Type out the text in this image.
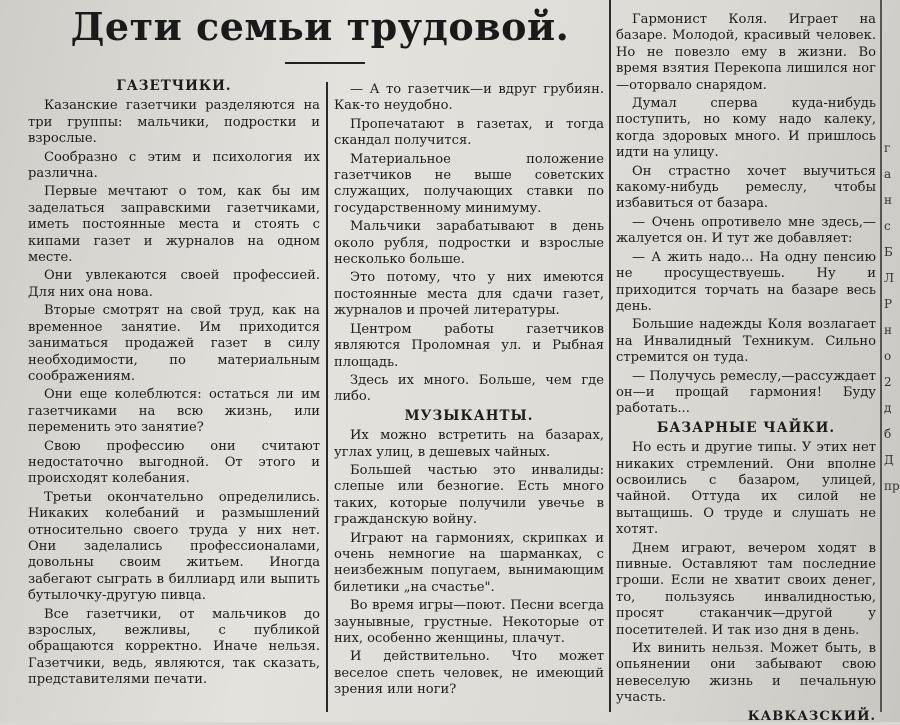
Дети семьи трудовой.
ГАЗЕТЧИКИ.

Казанские газетчики разделяются на три группы: мальчики, подростки и взрослые.

Сообразно с этим и психология их различна.

Первые мечтают о том, как бы им заделаться заправскими газетчиками, иметь постоянные места и стоять с кипами газет и журналов на одном месте.

Они увлекаются своей профессией. Для них она нова.

Вторые смотрят на свой труд, как на временное занятие. Им приходится заниматься продажей газет в силу необходимости, по материальным соображениям.

Они еще колеблются: остаться ли им газетчиками на всю жизнь, или переменить это занятие?

Свою профессию они считают недостаточно выгодной. От этого и происходят колебания.

Третьи окончательно определились. Никаких колебаний и размышлений относительно своего труда у них нет. Они заделались профессионалами, довольны своим житьем. Иногда забегают сыграть в биллиард или выпить бутылочку-другую пивца.

Все газетчики, от мальчиков до взрослых, вежливы, с публикой обращаются корректно. Иначе нельзя. Газетчики, ведь, являются, так сказать, представителями печати.

— А то газетчик—и вдруг грубиян. Как-то неудобно.

Пропечатают в газетах, и тогда скандал получится.

Материальное положение газетчиков не выше советских служащих, получающих ставки по государственному минимуму.

Мальчики зарабатывают в день около рубля, подростки и взрослые несколько больше.

Это потому, что у них имеются постоянные места для сдачи газет, журналов и прочей литературы.

Центром работы газетчиков являются Проломная ул. и Рыбная площадь.

Здесь их много. Больше, чем где либо.

МУЗЫКАНТЫ.

Их можно встретить на базарах, углах улиц, в дешевых чайных.

Большей частью это инвалиды: слепые или безногие. Есть много таких, которые получили увечье в гражданскую войну.

Играют на гармониях, скрипках и очень немногие на шарманках, с неизбежным попугаем, вынимающим билетики „на счастье".

Во время игры—поют. Песни всегда заунывные, грустные. Некоторые от них, особенно женщины, плачут.

И действительно. Что может веселое спеть человек, не имеющий зрения или ноги?

Гармонист Коля. Играет на базаре. Молодой, красивый человек. Но не повезло ему в жизни. Во время взятия Перекопа лишился ног—оторвало снарядом.

Думал сперва куда-нибудь поступить, но кому надо калеку, когда здоровых много. И пришлось идти на улицу.

Он страстно хочет выучиться какому-нибудь ремеслу, чтобы избавиться от базара.

— Очень опротивело мне здесь,— жалуется он. И тут же добавляет:

— А жить надо... На одну пенсию не просуществуешь. Ну и приходится торчать на базаре весь день.

Большие надежды Коля возлагает на Инвалидный Техникум. Сильно стремится он туда.

— Получусь ремеслу,—рассуждает он—и прощай гармония! Буду работать...

БАЗАРНЫЕ ЧАЙКИ.

Но есть и другие типы. У этих нет никаких стремлений. Они вполне освоились с базаром, улицей, чайной. Оттуда их силой не вытащишь. О труде и слушать не хотят.

Днем играют, вечером ходят в пивные. Оставляют там последние гроши. Если не хватит своих денег, то, пользуясь инвалидностью, просят стаканчик—другой у посетителей. И так изо дня в день.

Их винить нельзя. Может быть, в опьянении они забывают свою невеселую жизнь и печальную участь.

КАВКАЗСКИЙ.
г
а
н
с
Б
Л
Р
н
о
2
д
б
Д
пр
